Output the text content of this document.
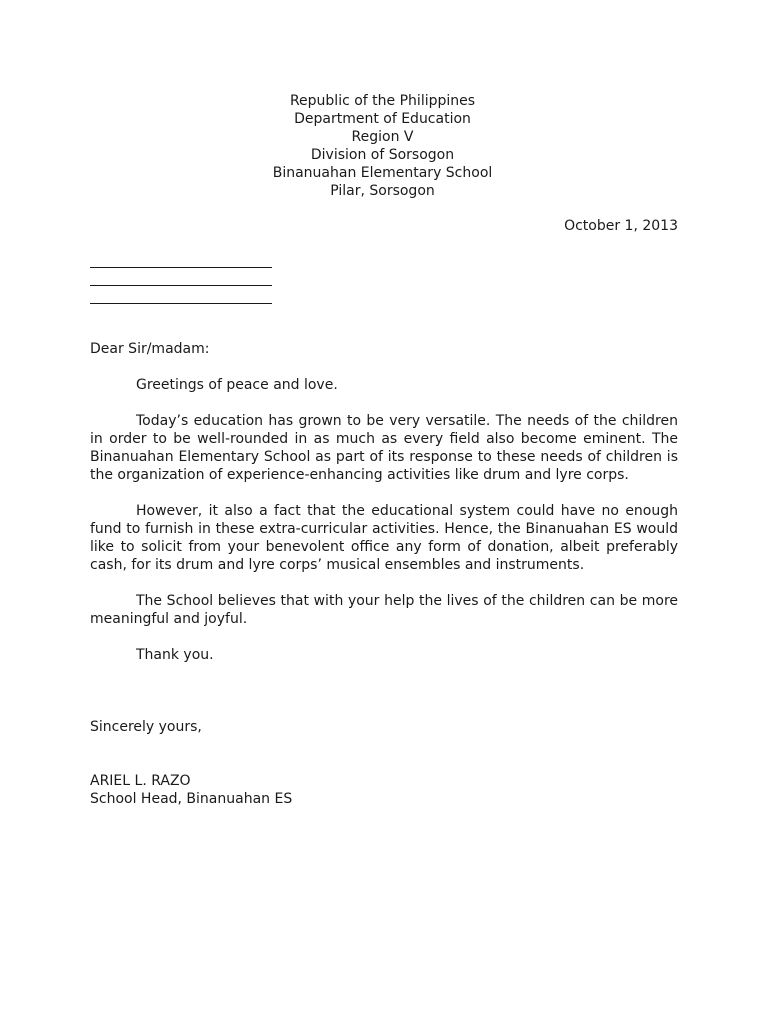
Republic of the Philippines
Department of Education
Region V
Division of Sorsogon
Binanuahan Elementary School
Pilar, Sorsogon
October 1, 2013
Dear Sir/madam:
Greetings of peace and love.
Today’s education has grown to be very versatile. The needs of the children in order to be well-rounded in as much as every field also become eminent. The Binanuahan Elementary School as part of its response to these needs of children is the organization of experience-enhancing activities like drum and lyre corps.
However, it also a fact that the educational system could have no enough fund to furnish in these extra-curricular activities. Hence, the Binanuahan ES would like to solicit from your benevolent office any form of donation, albeit preferably cash, for its drum and lyre corps’ musical ensembles and instruments.
The School believes that with your help the lives of the children can be more meaningful and joyful.
Thank you.
Sincerely yours,
ARIEL L. RAZO
School Head, Binanuahan ES
